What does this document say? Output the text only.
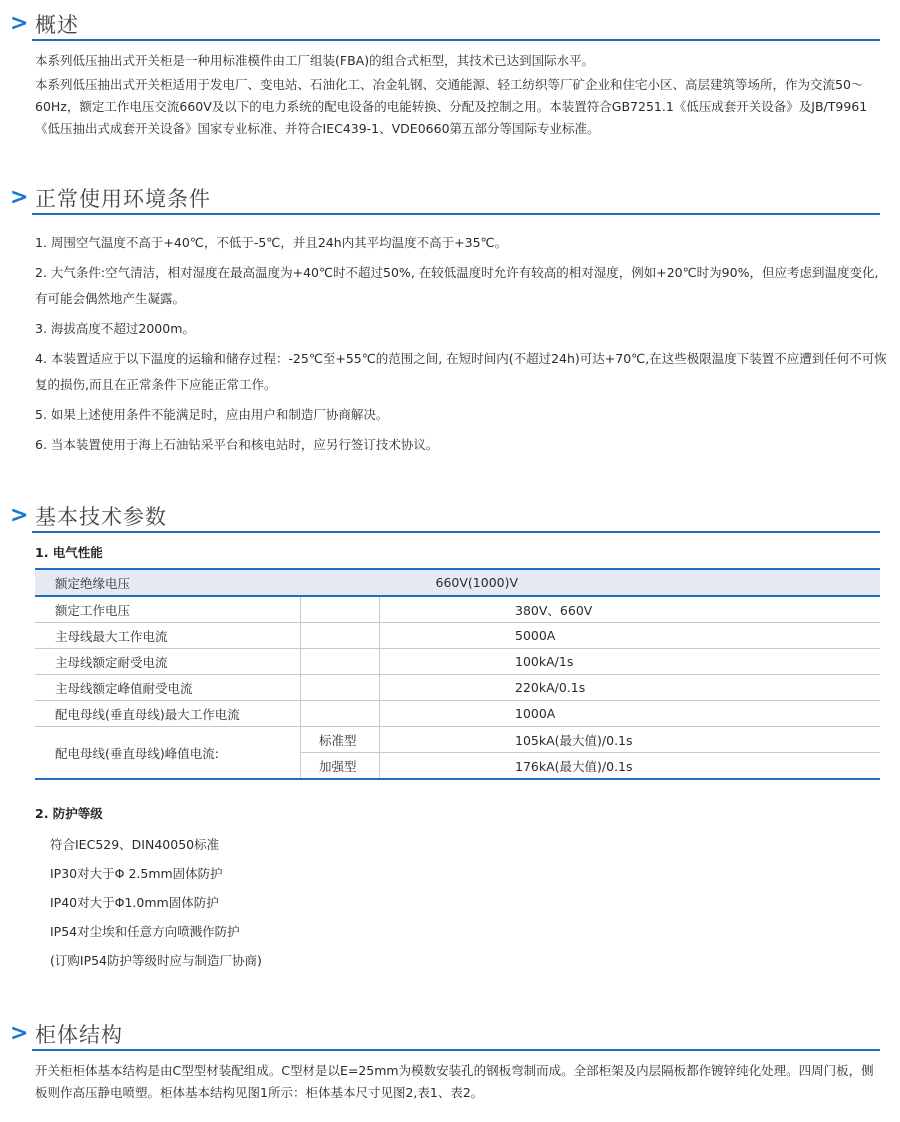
> 概述
本系列低压抽出式开关柜是一种用标准模件由工厂组装(FBA)的组合式柜型，其技术已达到国际水平。
本系列低压抽出式开关柜适用于发电厂、变电站、石油化工、冶金轧钢、交通能源、轻工纺织等厂矿企业和住宅小区、高层建筑等场所，作为交流50～60Hz，额定工作电压交流660V及以下的电力系统的配电设备的电能转换、分配及控制之用。本装置符合GB7251.1《低压成套开关设备》及JB/T9961《低压抽出式成套开关设备》国家专业标准、并符合IEC439-1、VDE0660第五部分等国际专业标准。
> 正常使用环境条件
1. 周围空气温度不高于+40℃，不低于-5℃，并且24h内其平均温度不高于+35℃。
2. 大气条件:空气清洁，相对湿度在最高温度为+40℃时不超过50%, 在较低温度时允许有较高的相对湿度，例如+20℃时为90%，但应考虑到温度变化,有可能会偶然地产生凝露。
3. 海拔高度不超过2000m。
4. 本装置适应于以下温度的运输和储存过程：-25℃至+55℃的范围之间, 在短时间内(不超过24h)可达+70℃,在这些极限温度下装置不应遭到任何不可恢复的损伤,而且在正常条件下应能正常工作。
5. 如果上述使用条件不能满足时，应由用户和制造厂协商解决。
6. 当本装置使用于海上石油钻采平台和核电站时，应另行签订技术协议。
> 基本技术参数
1. 电气性能
额定绝缘电压	660V(1000)V	
额定工作电压		380V、660V
主母线最大工作电流		5000A
主母线额定耐受电流		100kA/1s
主母线额定峰值耐受电流		220kA/0.1s
配电母线(垂直母线)最大工作电流		1000A
配电母线(垂直母线)峰值电流:	标准型	105kA(最大值)/0.1s
	加强型	176kA(最大值)/0.1s
2. 防护等级
符合IEC529、DIN40050标准
IP30对大于Φ 2.5mm固体防护
IP40对大于Φ1.0mm固体防护
IP54对尘埃和任意方向喷溅作防护
(订购IP54防护等级时应与制造厂协商)
> 柜体结构
开关柜柜体基本结构是由C型型材装配组成。C型材是以E=25mm为模数安装孔的钢板弯制而成。全部柜架及内层隔板都作镀锌纯化处理。四周门板，侧板则作高压静电喷塑。柜体基本结构见图1所示：柜体基本尺寸见图2,表1、表2。
